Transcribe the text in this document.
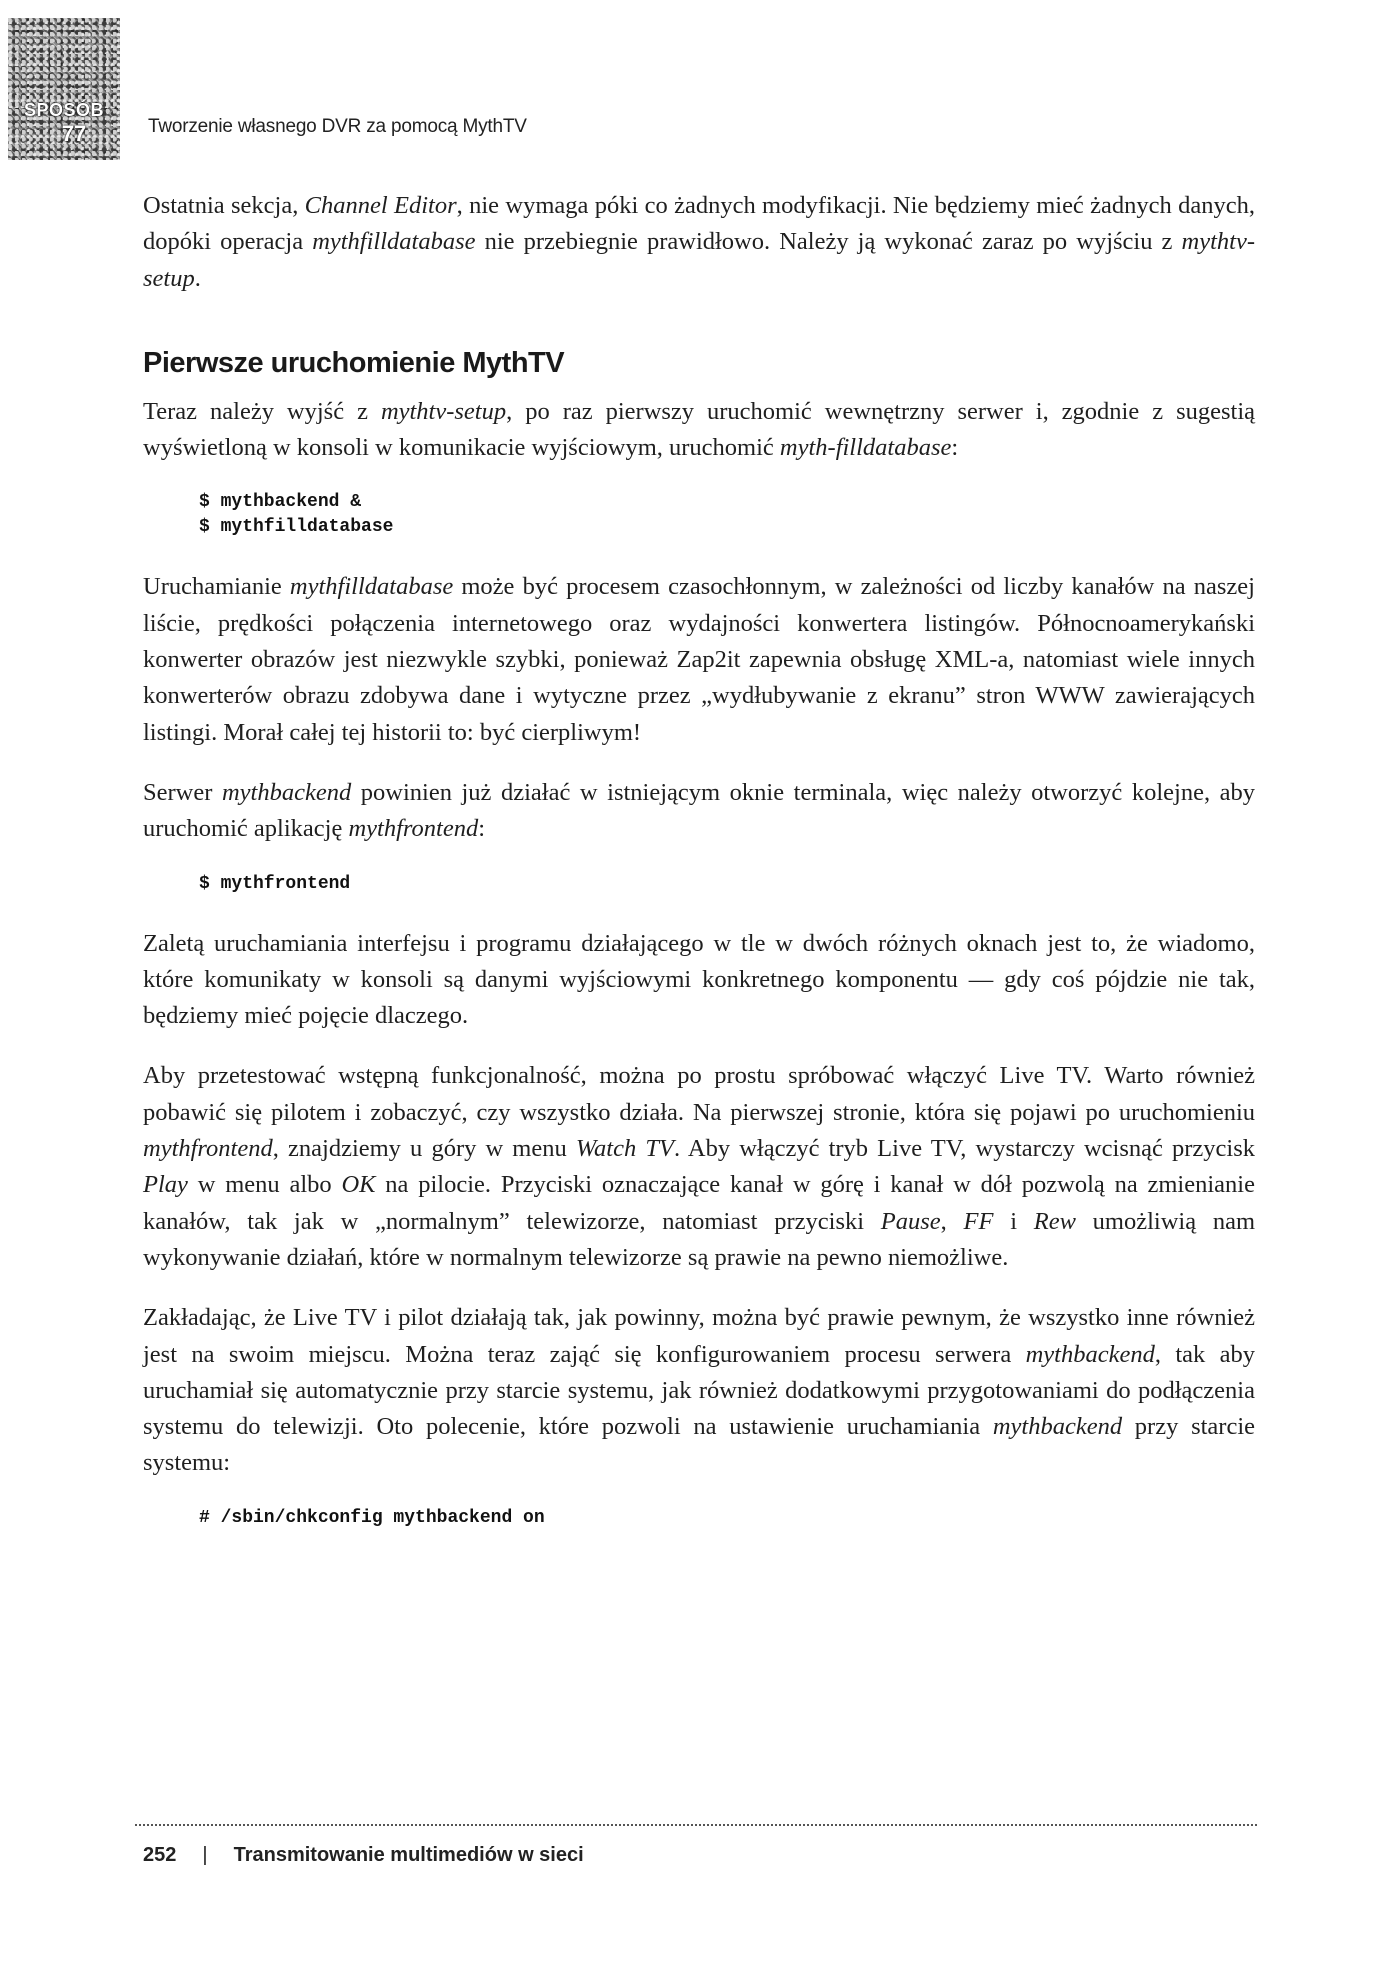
SPOSÓB
77	Tworzenie własnego DVR za pomocą MythTV

Ostatnia sekcja, Channel Editor, nie wymaga póki co żadnych modyfikacji. Nie będziemy mieć żadnych danych, dopóki operacja mythfilldatabase nie przebiegnie prawidłowo. Należy ją wykonać zaraz po wyjściu z mythtv-setup.

Pierwsze uruchomienie MythTV

Teraz należy wyjść z mythtv-setup, po raz pierwszy uruchomić wewnętrzny serwer i, zgodnie z sugestią wyświetloną w konsoli w komunikacie wyjściowym, uruchomić myth-filldatabase:

$ mythbackend &
$ mythfilldatabase

Uruchamianie mythfilldatabase może być procesem czasochłonnym, w zależności od liczby kanałów na naszej liście, prędkości połączenia internetowego oraz wydajności konwertera listingów. Północnoamerykański konwerter obrazów jest niezwykle szybki, ponieważ Zap2it zapewnia obsługę XML-a, natomiast wiele innych konwerterów obrazu zdobywa dane i wytyczne przez „wydłubywanie z ekranu” stron WWW zawierających listingi. Morał całej tej historii to: być cierpliwym!

Serwer mythbackend powinien już działać w istniejącym oknie terminala, więc należy otworzyć kolejne, aby uruchomić aplikację mythfrontend:

$ mythfrontend

Zaletą uruchamiania interfejsu i programu działającego w tle w dwóch różnych oknach jest to, że wiadomo, które komunikaty w konsoli są danymi wyjściowymi konkretnego komponentu — gdy coś pójdzie nie tak, będziemy mieć pojęcie dlaczego.

Aby przetestować wstępną funkcjonalność, można po prostu spróbować włączyć Live TV. Warto również pobawić się pilotem i zobaczyć, czy wszystko działa. Na pierwszej stronie, która się pojawi po uruchomieniu mythfrontend, znajdziemy u góry w menu Watch TV. Aby włączyć tryb Live TV, wystarczy wcisnąć przycisk Play w menu albo OK na pilocie. Przyciski oznaczające kanał w górę i kanał w dół pozwolą na zmienianie kanałów, tak jak w „normalnym” telewizorze, natomiast przyciski Pause, FF i Rew umożliwią nam wykonywanie działań, które w normalnym telewizorze są prawie na pewno niemożliwe.

Zakładając, że Live TV i pilot działają tak, jak powinny, można być prawie pewnym, że wszystko inne również jest na swoim miejscu. Można teraz zająć się konfigurowaniem procesu serwera mythbackend, tak aby uruchamiał się automatycznie przy starcie systemu, jak również dodatkowymi przygotowaniami do podłączenia systemu do telewizji. Oto polecenie, które pozwoli na ustawienie uruchamiania mythbackend przy starcie systemu:

# /sbin/chkconfig mythbackend on
252 | Transmitowanie multimediów w sieci
